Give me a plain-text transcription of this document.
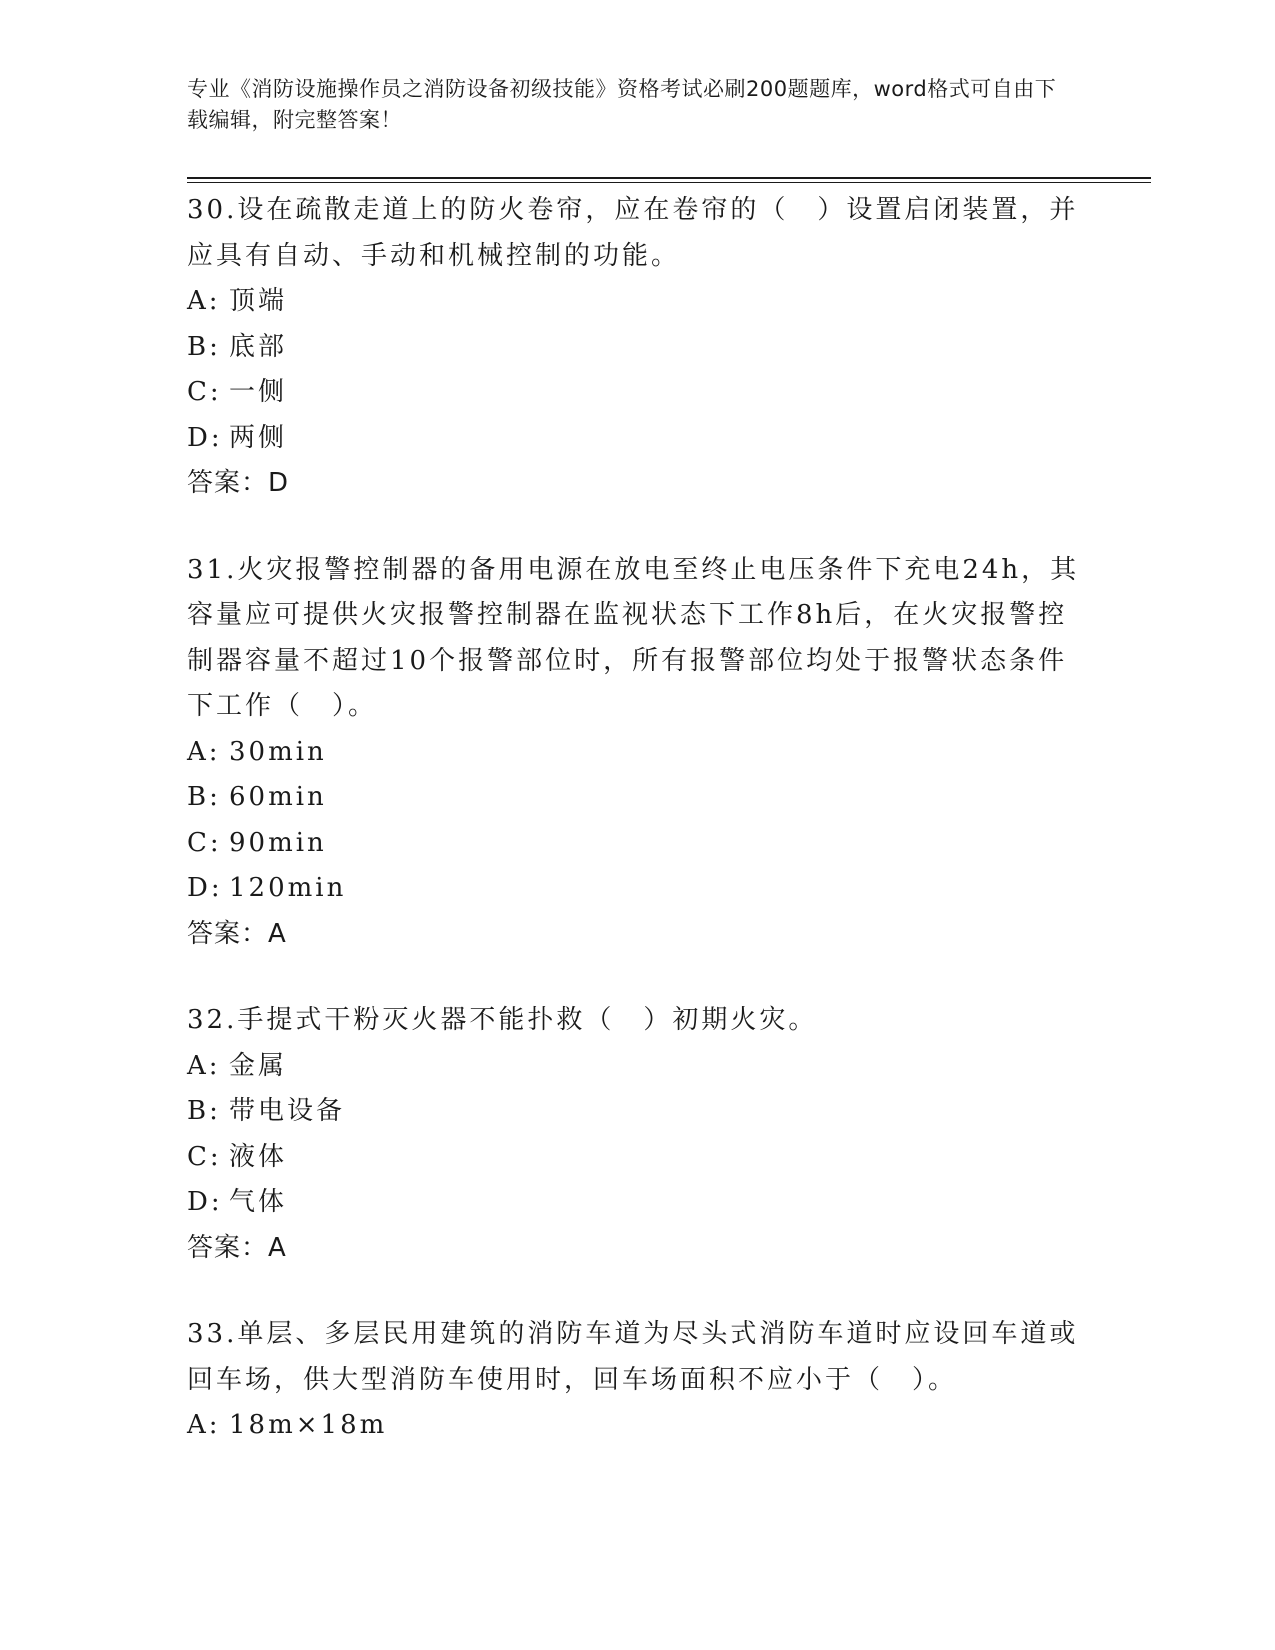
专业《消防设施操作员之消防设备初级技能》资格考试必刷200题题库，word格式可自由下载编辑，附完整答案！

30.设在疏散走道上的防火卷帘，应在卷帘的（　）设置启闭装置，并应具有自动、手动和机械控制的功能。

A: 顶端

B: 底部

C: 一侧

D: 两侧

答案：D

31.火灾报警控制器的备用电源在放电至终止电压条件下充电24h，其容量应可提供火灾报警控制器在监视状态下工作8h后，在火灾报警控制器容量不超过10个报警部位时，所有报警部位均处于报警状态条件下工作（　）。

A: 30min

B: 60min

C: 90min

D: 120min

答案：A

32.手提式干粉灭火器不能扑救（　）初期火灾。

A: 金属

B: 带电设备

C: 液体

D: 气体

答案：A

33.单层、多层民用建筑的消防车道为尽头式消防车道时应设回车道或回车场，供大型消防车使用时，回车场面积不应小于（　）。

A: 18m×18m
